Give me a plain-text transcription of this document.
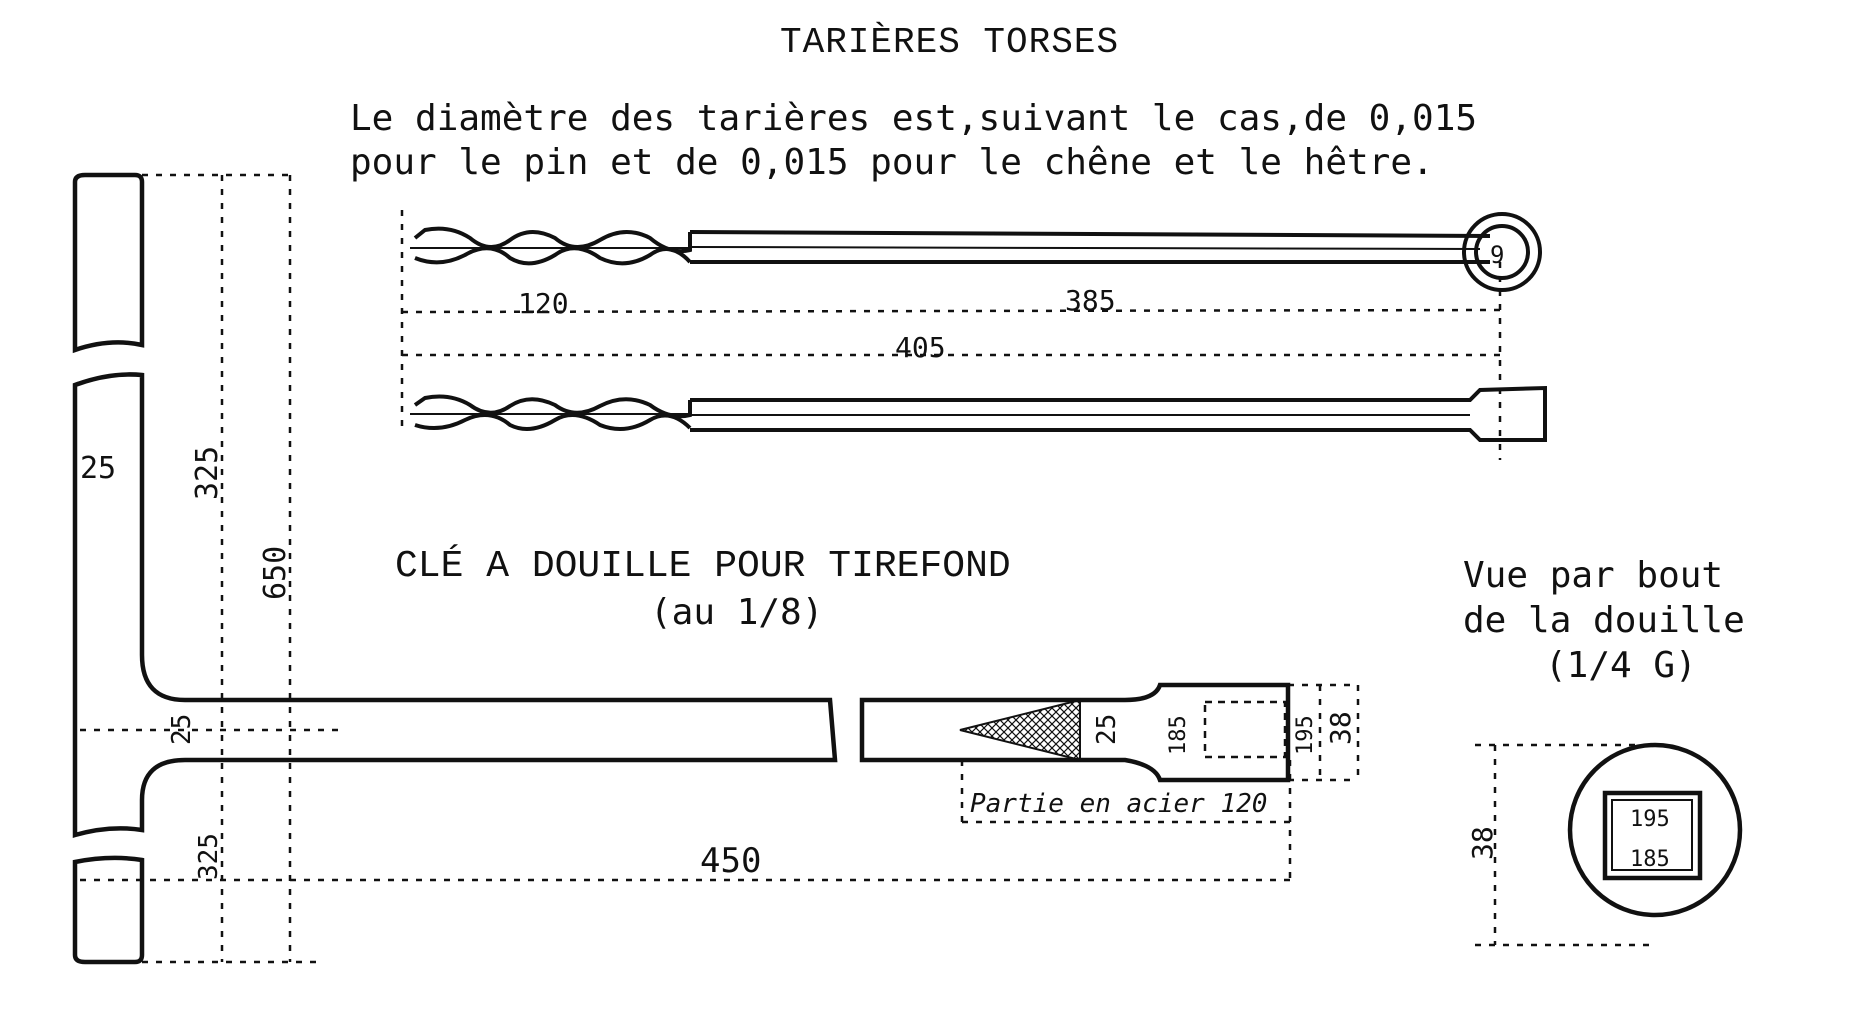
TARIÈRES TORSES
Le diamètre des tarières est,suivant le cas,de 0,015
pour le pin et de 0,015 pour le chêne et le hêtre.
CLÉ A DOUILLE POUR TIREFOND
(au 1/8)
Vue par bout
de la douille
(1/4 G)
9
120	385
405
25 325
650
25
325	450
25 185	195 38
Partie en acier 120
38
195
185
